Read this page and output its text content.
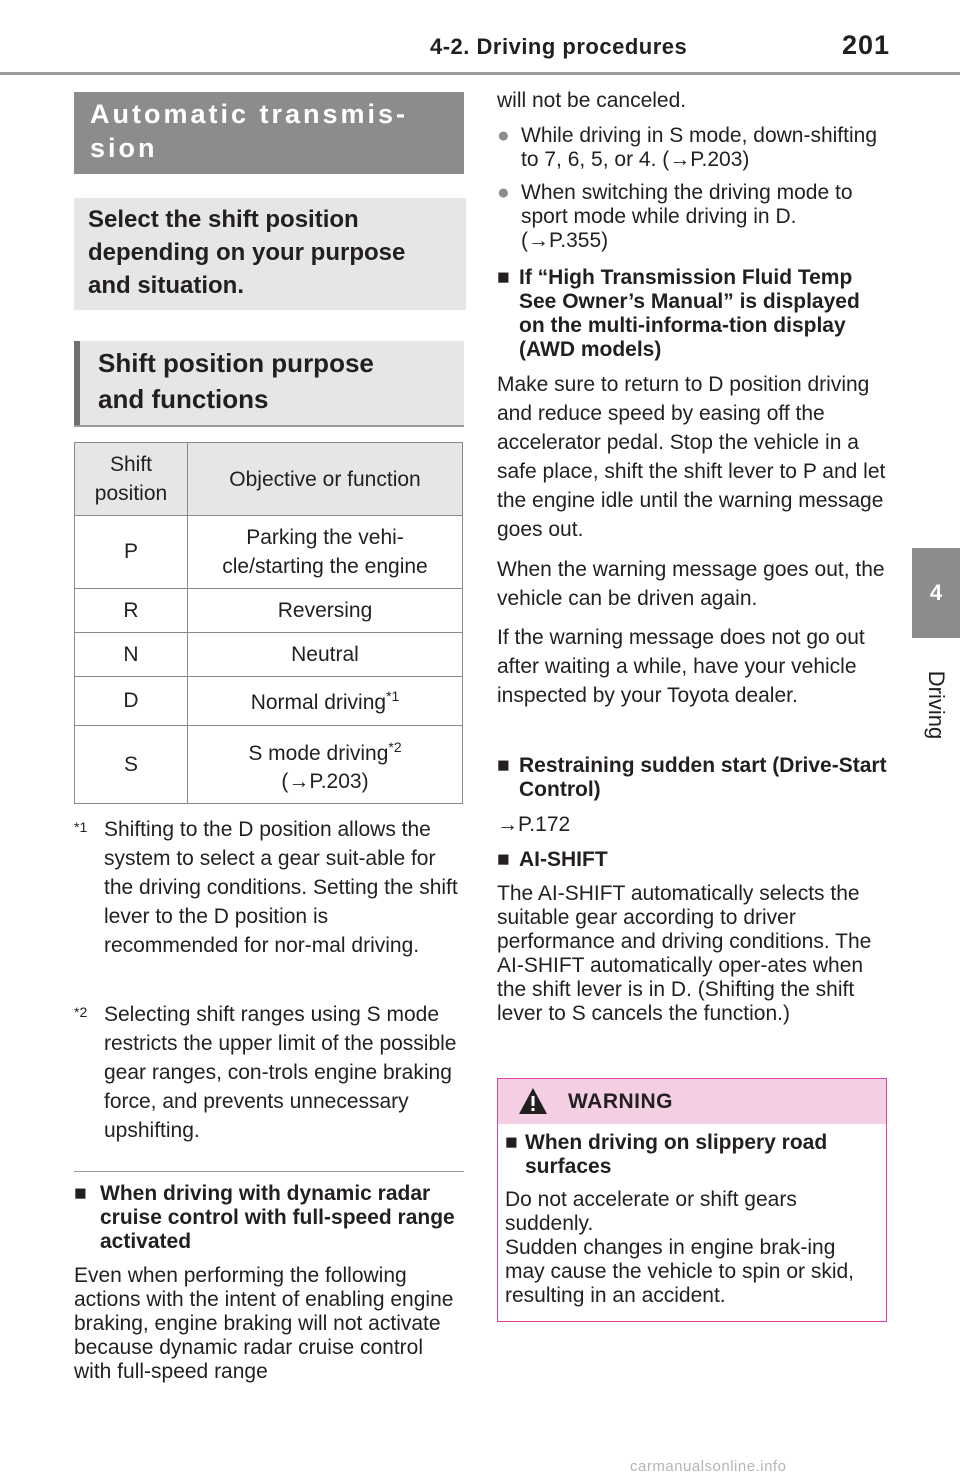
4-2. Driving procedures	201
4
Driving
Automatic transmis-
sion
Select the shift position
depending on your purpose
and situation.
Shift position purpose
and functions
Shift
position	Objective or function
P	Parking the vehi-
cle/starting the engine
R	Reversing
N	Neutral
D	Normal driving$^{*1}$
S	S mode driving$^{*2}$
(→P.203)
*1 Shifting to the D position allows the system to select a gear suit-able for the driving conditions. Setting the shift lever to the D position is recommended for nor-mal driving.
*2 Selecting shift ranges using S mode restricts the upper limit of the possible gear ranges, con-trols engine braking force, and prevents unnecessary upshifting.
■ When driving with dynamic radar cruise control with full-speed range activated
Even when performing the following actions with the intent of enabling engine braking, engine braking will not activate because dynamic radar cruise control with full-speed range
will not be canceled.
● While driving in S mode, down-shifting to 7, 6, 5, or 4. (→P.203)
● When switching the driving mode to sport mode while driving in D. (→P.355)
■ If “High Transmission Fluid Temp See Owner’s Manual” is displayed on the multi-informa-tion display (AWD models)
Make sure to return to D position driving and reduce speed by easing off the accelerator pedal. Stop the vehicle in a safe place, shift the shift lever to P and let the engine idle until the warning message goes out.
When the warning message goes out, the vehicle can be driven again.
If the warning message does not go out after waiting a while, have your vehicle inspected by your Toyota dealer.
■ Restraining sudden start (Drive-Start Control)
→P.172
■ AI-SHIFT
The AI-SHIFT automatically selects the suitable gear according to driver performance and driving conditions. The AI-SHIFT automatically oper-ates when the shift lever is in D. (Shifting the shift lever to S cancels the function.)
WARNING
■ When driving on slippery road surfaces
Do not accelerate or shift gears suddenly.
Sudden changes in engine brak-ing may cause the vehicle to spin or skid, resulting in an accident.
carmanualsonline.info
